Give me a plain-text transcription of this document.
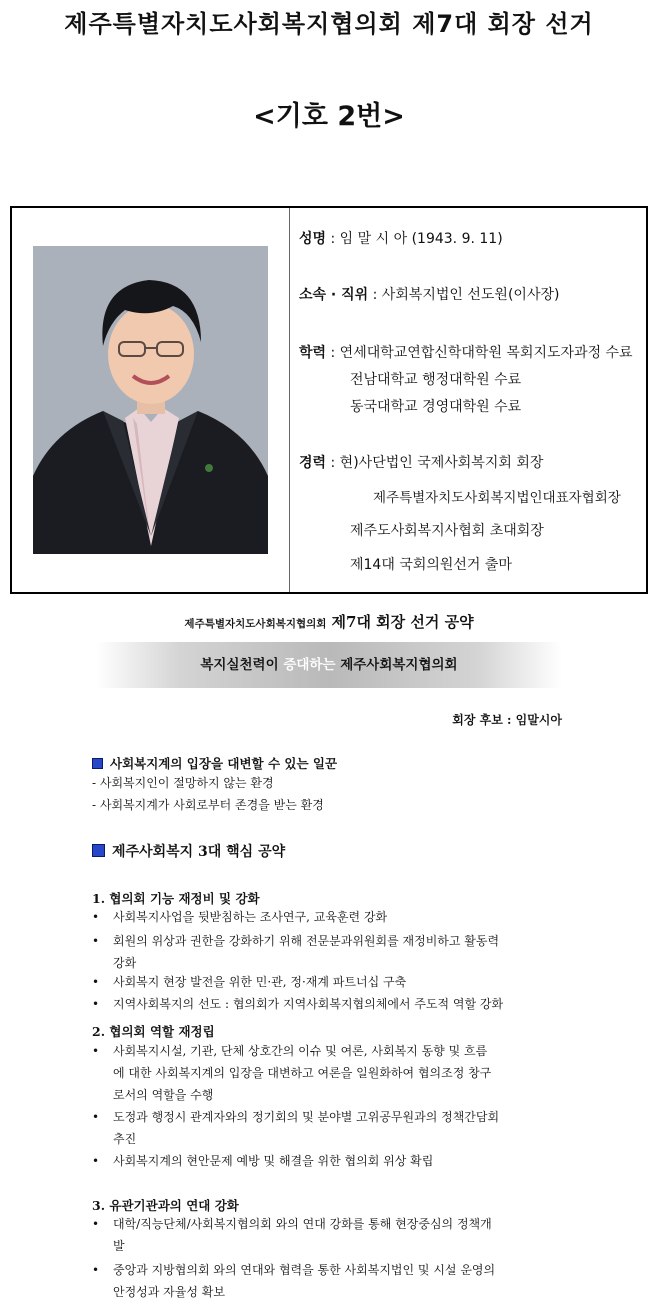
제주특별자치도사회복지협의회 제7대 회장 선거
<기호 2번>
성명 : 임 말 시 아 (1943. 9. 11)
소속 · 직위 : 사회복지법인 선도원(이사장)
학력 : 연세대학교연합신학대학원 목회지도자과정 수료
전남대학교 행정대학원 수료
동국대학교 경영대학원 수료
경력 : 현)사단법인 국제사회복지회 회장
제주특별자치도사회복지법인대표자협회장
제주도사회복지사협회 초대회장
제14대 국회의원선거 출마
제주특별자치도사회복지협의회 제7대 회장 선거 공약
복지실천력이 증대하는 제주사회복지협의회
회장 후보 : 임말시아
사회복지계의 입장을 대변할 수 있는 일꾼
- 사회복지인이 절망하지 않는 환경
- 사회복지계가 사회로부터 존경을 받는 환경
제주사회복지 3대 핵심 공약
1. 협의회 기능 재정비 및 강화
• 사회복지사업을 뒷받침하는 조사연구, 교육훈련 강화
• 회원의 위상과 권한을 강화하기 위해 전문분과위원회를 재정비하고 활동력
강화
• 사회복지 현장 발전을 위한 민·관, 정·재계 파트너십 구축
• 지역사회복지의 선도 : 협의회가 지역사회복지협의체에서 주도적 역할 강화
2. 협의회 역할 재정립
• 사회복지시설, 기관, 단체 상호간의 이슈 및 여론, 사회복지 동향 및 흐름
에 대한 사회복지계의 입장을 대변하고 여론을 일원화하여 협의조정 창구
로서의 역할을 수행
• 도정과 행정시 관계자와의 정기회의 및 분야별 고위공무원과의 정책간담회
추진
• 사회복지계의 현안문제 예방 및 해결을 위한 협의회 위상 확립
3. 유관기관과의 연대 강화
• 대학/직능단체/사회복지협의회 와의 연대 강화를 통해 현장중심의 정책개
발
• 중앙과 지방협의회 와의 연대와 협력을 통한 사회복지법인 및 시설 운영의
안정성과 자율성 확보
